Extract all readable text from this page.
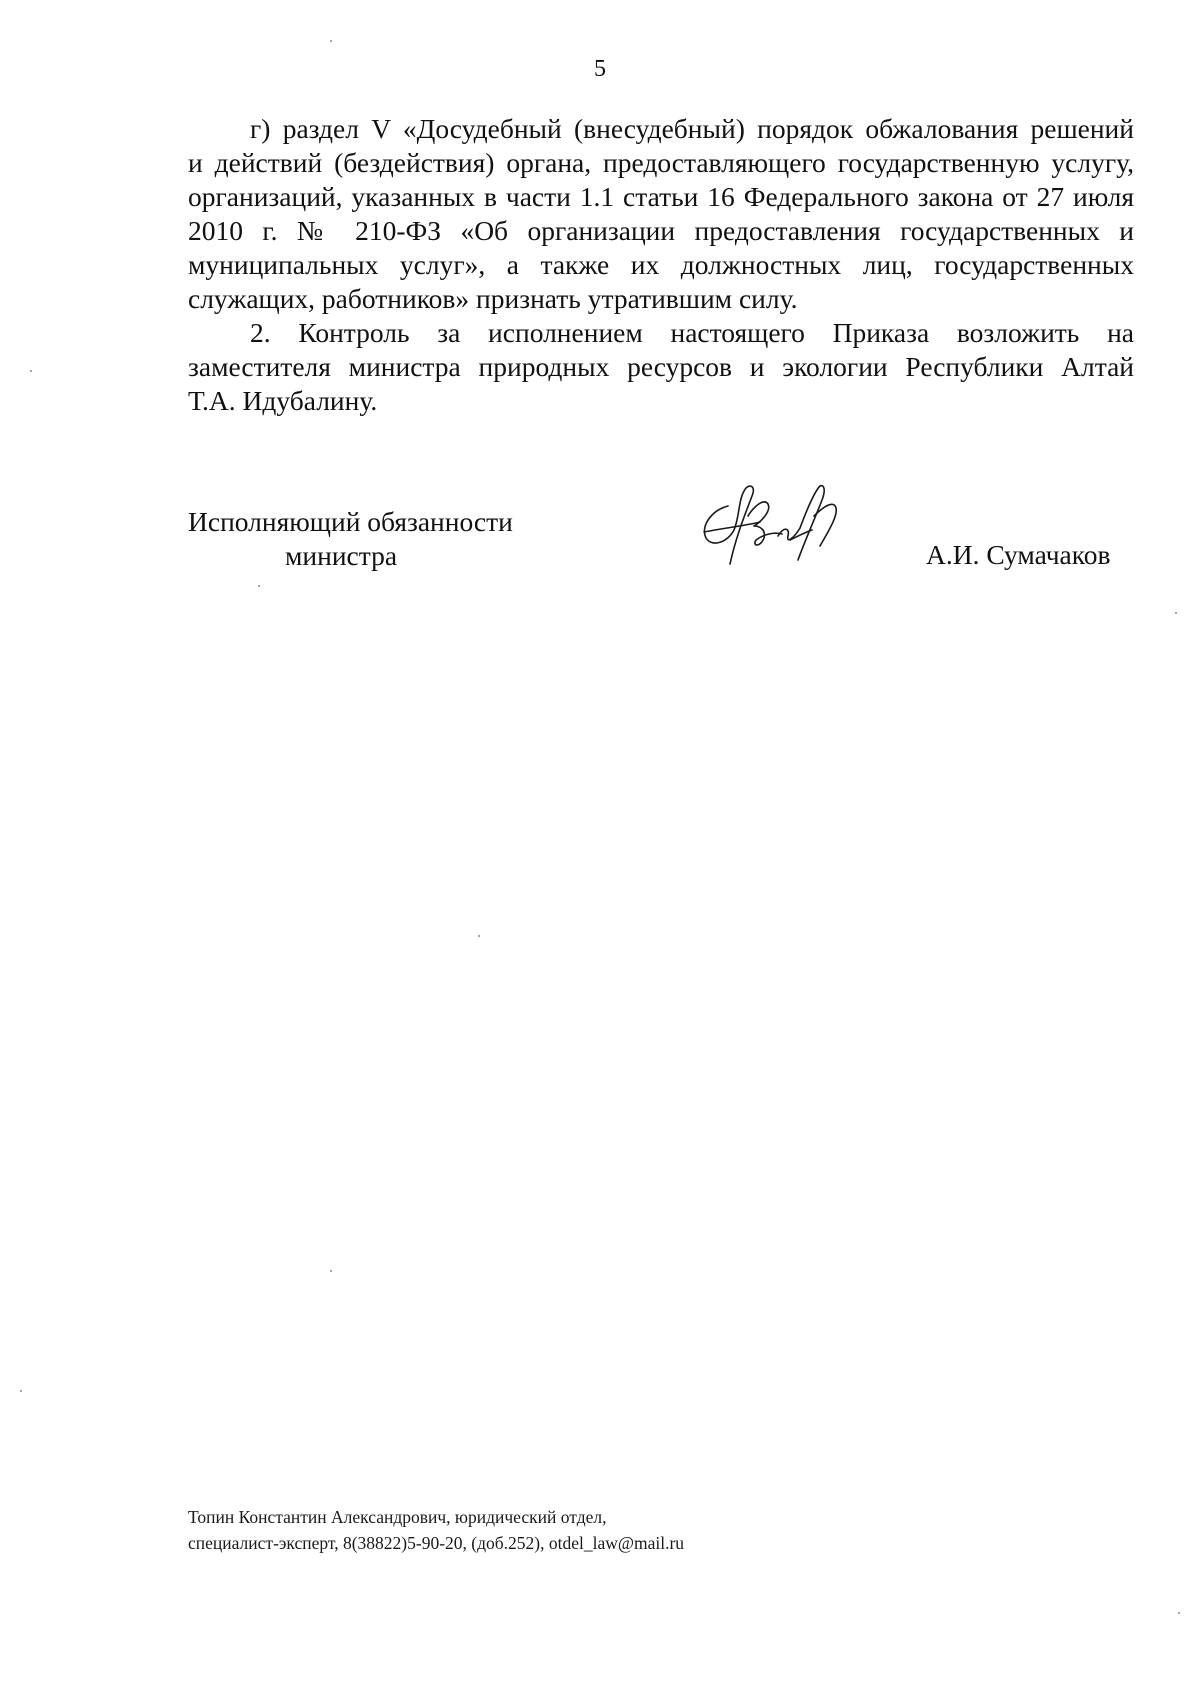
5

г) раздел V «Досудебный (внесудебный) порядок обжалования решений
и действий (бездействия) органа, предоставляющего государственную услугу,
организаций, указанных в части 1.1 статьи 16 Федерального закона от 27 июля
2010 г. № 210-ФЗ «Об организации предоставления государственных и
муниципальных услуг», а также их должностных лиц, государственных
служащих, работников» признать утратившим силу.

2. Контроль за исполнением настоящего Приказа возложить на
заместителя министра природных ресурсов и экологии Республики Алтай
Т.А. Идубалину.

Исполняющий обязанности
министра	А.И. Сумачаков
Топин Константин Александрович, юридический отдел,
специалист-эксперт, 8(38822)5-90-20, (доб.252), otdel_law@mail.ru
